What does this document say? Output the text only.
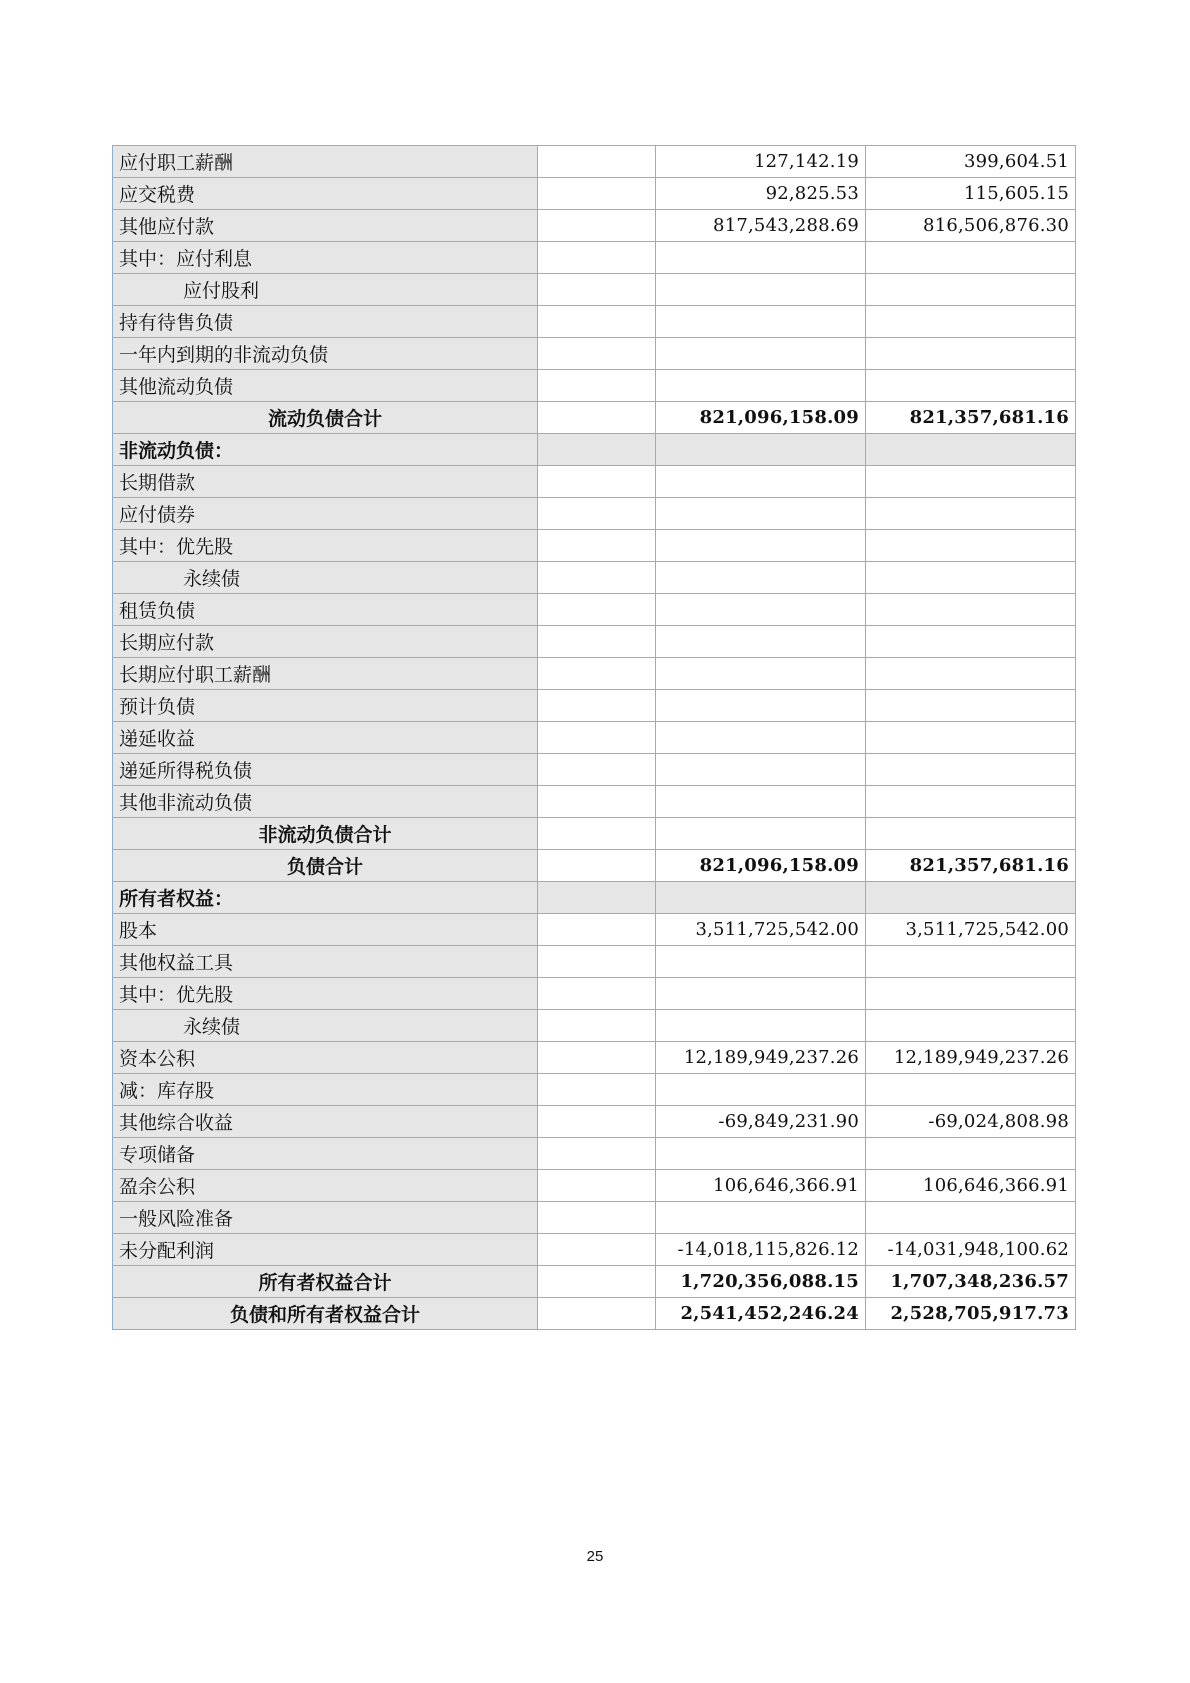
应付职工薪酬		127,142.19	399,604.51
应交税费		92,825.53	115,605.15
其他应付款		817,543,288.69	816,506,876.30
其中：应付利息			
应付股利			
持有待售负债			
一年内到期的非流动负债			
其他流动负债			
流动负债合计		821,096,158.09	821,357,681.16
非流动负债：			
长期借款			
应付债券			
其中：优先股			
永续债			
租赁负债			
长期应付款			
长期应付职工薪酬			
预计负债			
递延收益			
递延所得税负债			
其他非流动负债			
非流动负债合计			
负债合计		821,096,158.09	821,357,681.16
所有者权益：			
股本		3,511,725,542.00	3,511,725,542.00
其他权益工具			
其中：优先股			
永续债			
资本公积		12,189,949,237.26	12,189,949,237.26
减：库存股			
其他综合收益		-69,849,231.90	-69,024,808.98
专项储备			
盈余公积		106,646,366.91	106,646,366.91
一般风险准备			
未分配利润		-14,018,115,826.12	-14,031,948,100.62
所有者权益合计		1,720,356,088.15	1,707,348,236.57
负债和所有者权益合计		2,541,452,246.24	2,528,705,917.73
25
